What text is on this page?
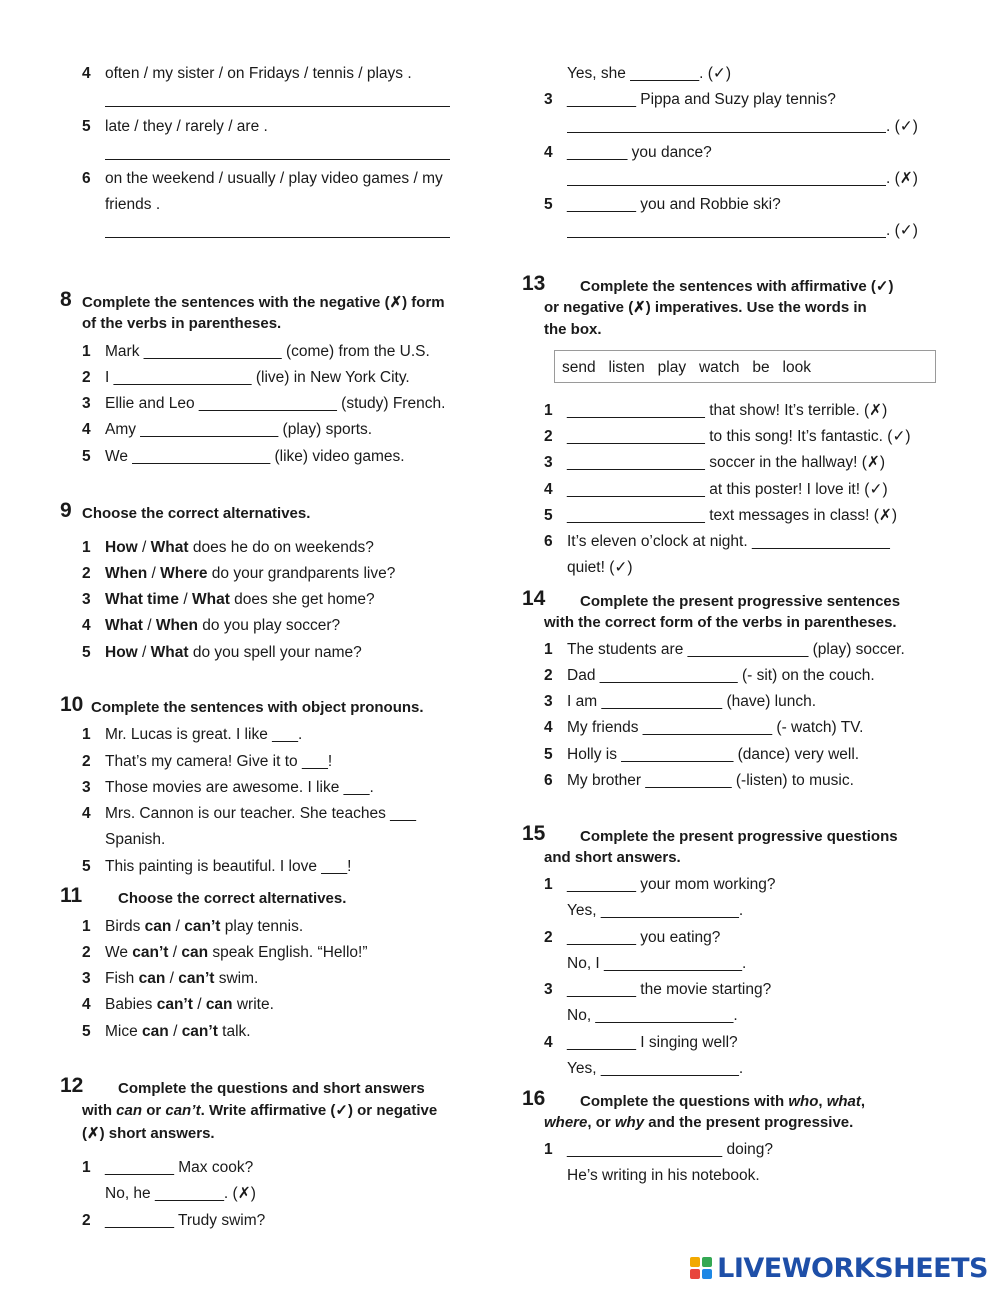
4 often / my sister / on Fridays / tennis / plays .
5 late / they / rarely / are .
6 on the weekend / usually / play video games / my
friends .
8 Complete the sentences with the negative (✗) form
of the verbs in parentheses.
1 Mark ________________ (come) from the U.S.
2 I ________________ (live) in New York City.
3 Ellie and Leo ________________ (study) French.
4 Amy ________________ (play) sports.
5 We ________________ (like) video games.
9 Choose the correct alternatives.
1 How / What does he do on weekends?
2 When / Where do your grandparents live?
3 What time / What does she get home?
4 What / When do you play soccer?
5 How / What do you spell your name?
10 Complete the sentences with object pronouns.
1 Mr. Lucas is great. I like ___.
2 That’s my camera! Give it to ___!
3 Those movies are awesome. I like ___.
4 Mrs. Cannon is our teacher. She teaches ___
Spanish.
5 This painting is beautiful. I love ___!
11 Choose the correct alternatives.
1 Birds can / can’t play tennis.
2 We can’t / can speak English. “Hello!”
3 Fish can / can’t swim.
4 Babies can’t / can write.
5 Mice can / can’t talk.
12 Complete the questions and short answers
with can or can’t. Write affirmative (✓) or negative
(✗) short answers.
1 ________ Max cook?
No, he ________. (✗)
2 ________ Trudy swim?
Yes, she ________. (✓)
3 ________ Pippa and Suzy play tennis?
. (✓)
4 _______ you dance?
. (✗)
5 ________ you and Robbie ski?
. (✓)
13 Complete the sentences with affirmative (✓)
or negative (✗) imperatives. Use the words in
the box.
send   listen   play   watch   be   look
1 ________________ that show! It’s terrible. (✗)
2 ________________ to this song! It’s fantastic. (✓)
3 ________________ soccer in the hallway! (✗)
4 ________________ at this poster! I love it! (✓)
5 ________________ text messages in class! (✗)
6 It’s eleven o’clock at night. ________________
quiet! (✓)
14 Complete the present progressive sentences
with the correct form of the verbs in parentheses.
1 The students are ______________ (play) soccer.
2 Dad ________________ (- sit) on the couch.
3 I am ______________ (have) lunch.
4 My friends _______________ (- watch) TV.
5 Holly is _____________ (dance) very well.
6 My brother __________ (-listen) to music.
15 Complete the present progressive questions
and short answers.
1 ________ your mom working?
Yes, ________________.
2 ________ you eating?
No, I ________________.
3 ________ the movie starting?
No, ________________.
4 ________ I singing well?
Yes, ________________.
16 Complete the questions with who, what,
where, or why and the present progressive.
1 __________________ doing?
He’s writing in his notebook.
LIVEWORKSHEETS
